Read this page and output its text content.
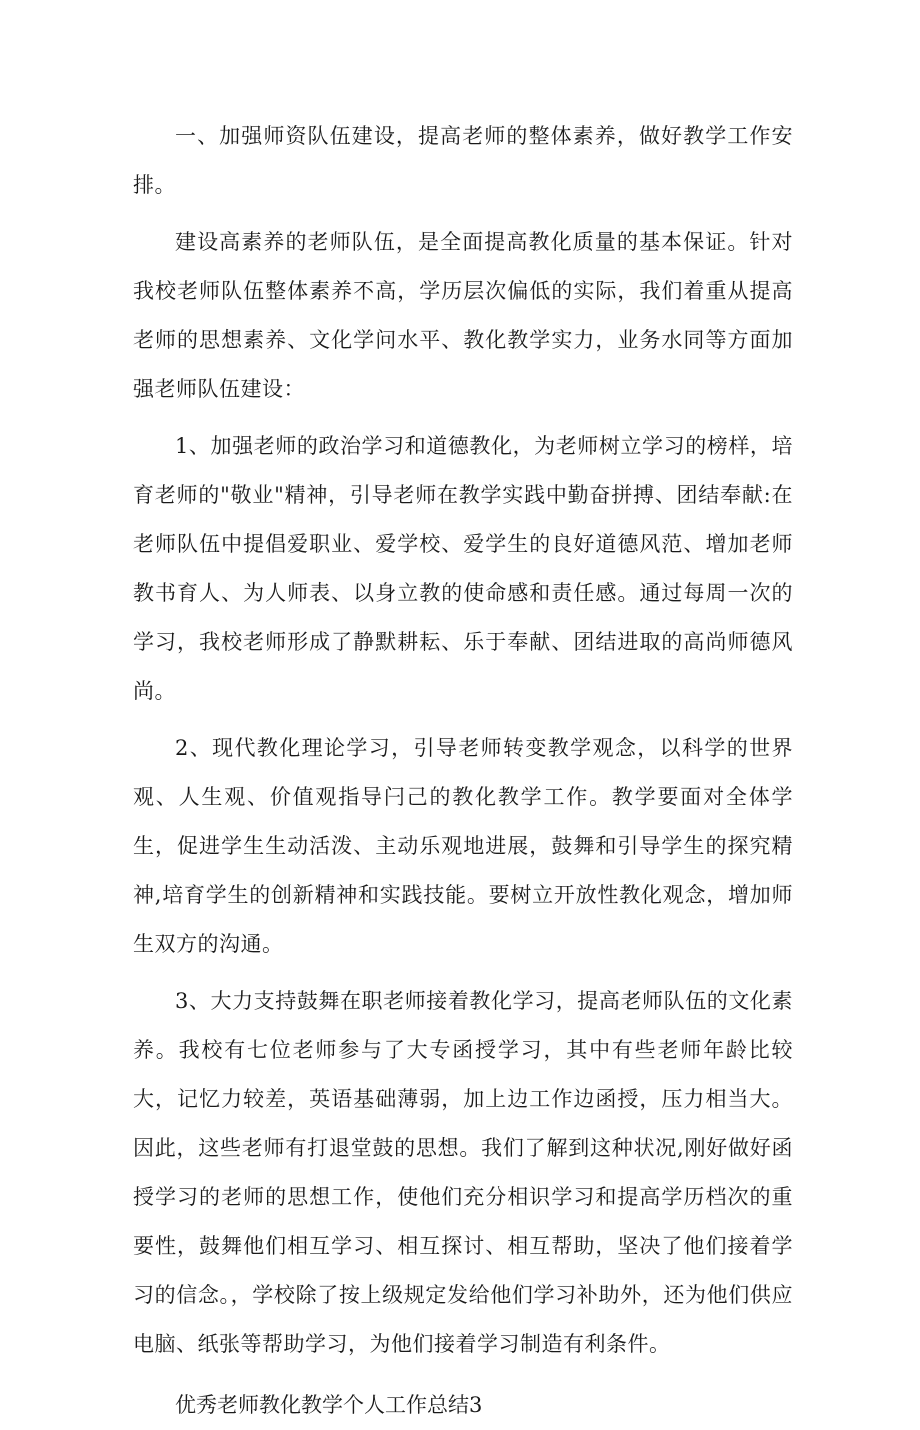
一、加强师资队伍建设，提高老师的整体素养，做好教学工作安排。

建设高素养的老师队伍，是全面提高教化质量的基本保证。针对我校老师队伍整体素养不高，学历层次偏低的实际，我们着重从提高老师的思想素养、文化学问水平、教化教学实力，业务水同等方面加强老师队伍建设：

1、加强老师的政治学习和道德教化，为老师树立学习的榜样，培育老师的"敬业"精神，引导老师在教学实践中勤奋拼搏、团结奉献:在老师队伍中提倡爱职业、爱学校、爱学生的良好道德风范、增加老师教书育人、为人师表、以身立教的使命感和责任感。通过每周一次的学习，我校老师形成了静默耕耘、乐于奉献、团结进取的高尚师德风尚。

2、现代教化理论学习，引导老师转变教学观念，以科学的世界观、人生观、价值观指导闩己的教化教学工作。教学要面对全体学生，促进学生生动活泼、主动乐观地进展，鼓舞和引导学生的探究精神,培育学生的创新精神和实践技能。要树立开放性教化观念，增加师生双方的沟通。

3、大力支持鼓舞在职老师接着教化学习，提高老师队伍的文化素养。我校有七位老师参与了大专函授学习，其中有些老师年龄比较大，记忆力较差，英语基础薄弱，加上边工作边函授，压力相当大。因此，这些老师有打退堂鼓的思想。我们了解到这种状况,刚好做好函授学习的老师的思想工作，使他们充分相识学习和提高学历档次的重要性，鼓舞他们相互学习、相互探讨、相互帮助，坚决了他们接着学习的信念。，学校除了按上级规定发给他们学习补助外，还为他们供应电脑、纸张等帮助学习，为他们接着学习制造有利条件。

优秀老师教化教学个人工作总结3
